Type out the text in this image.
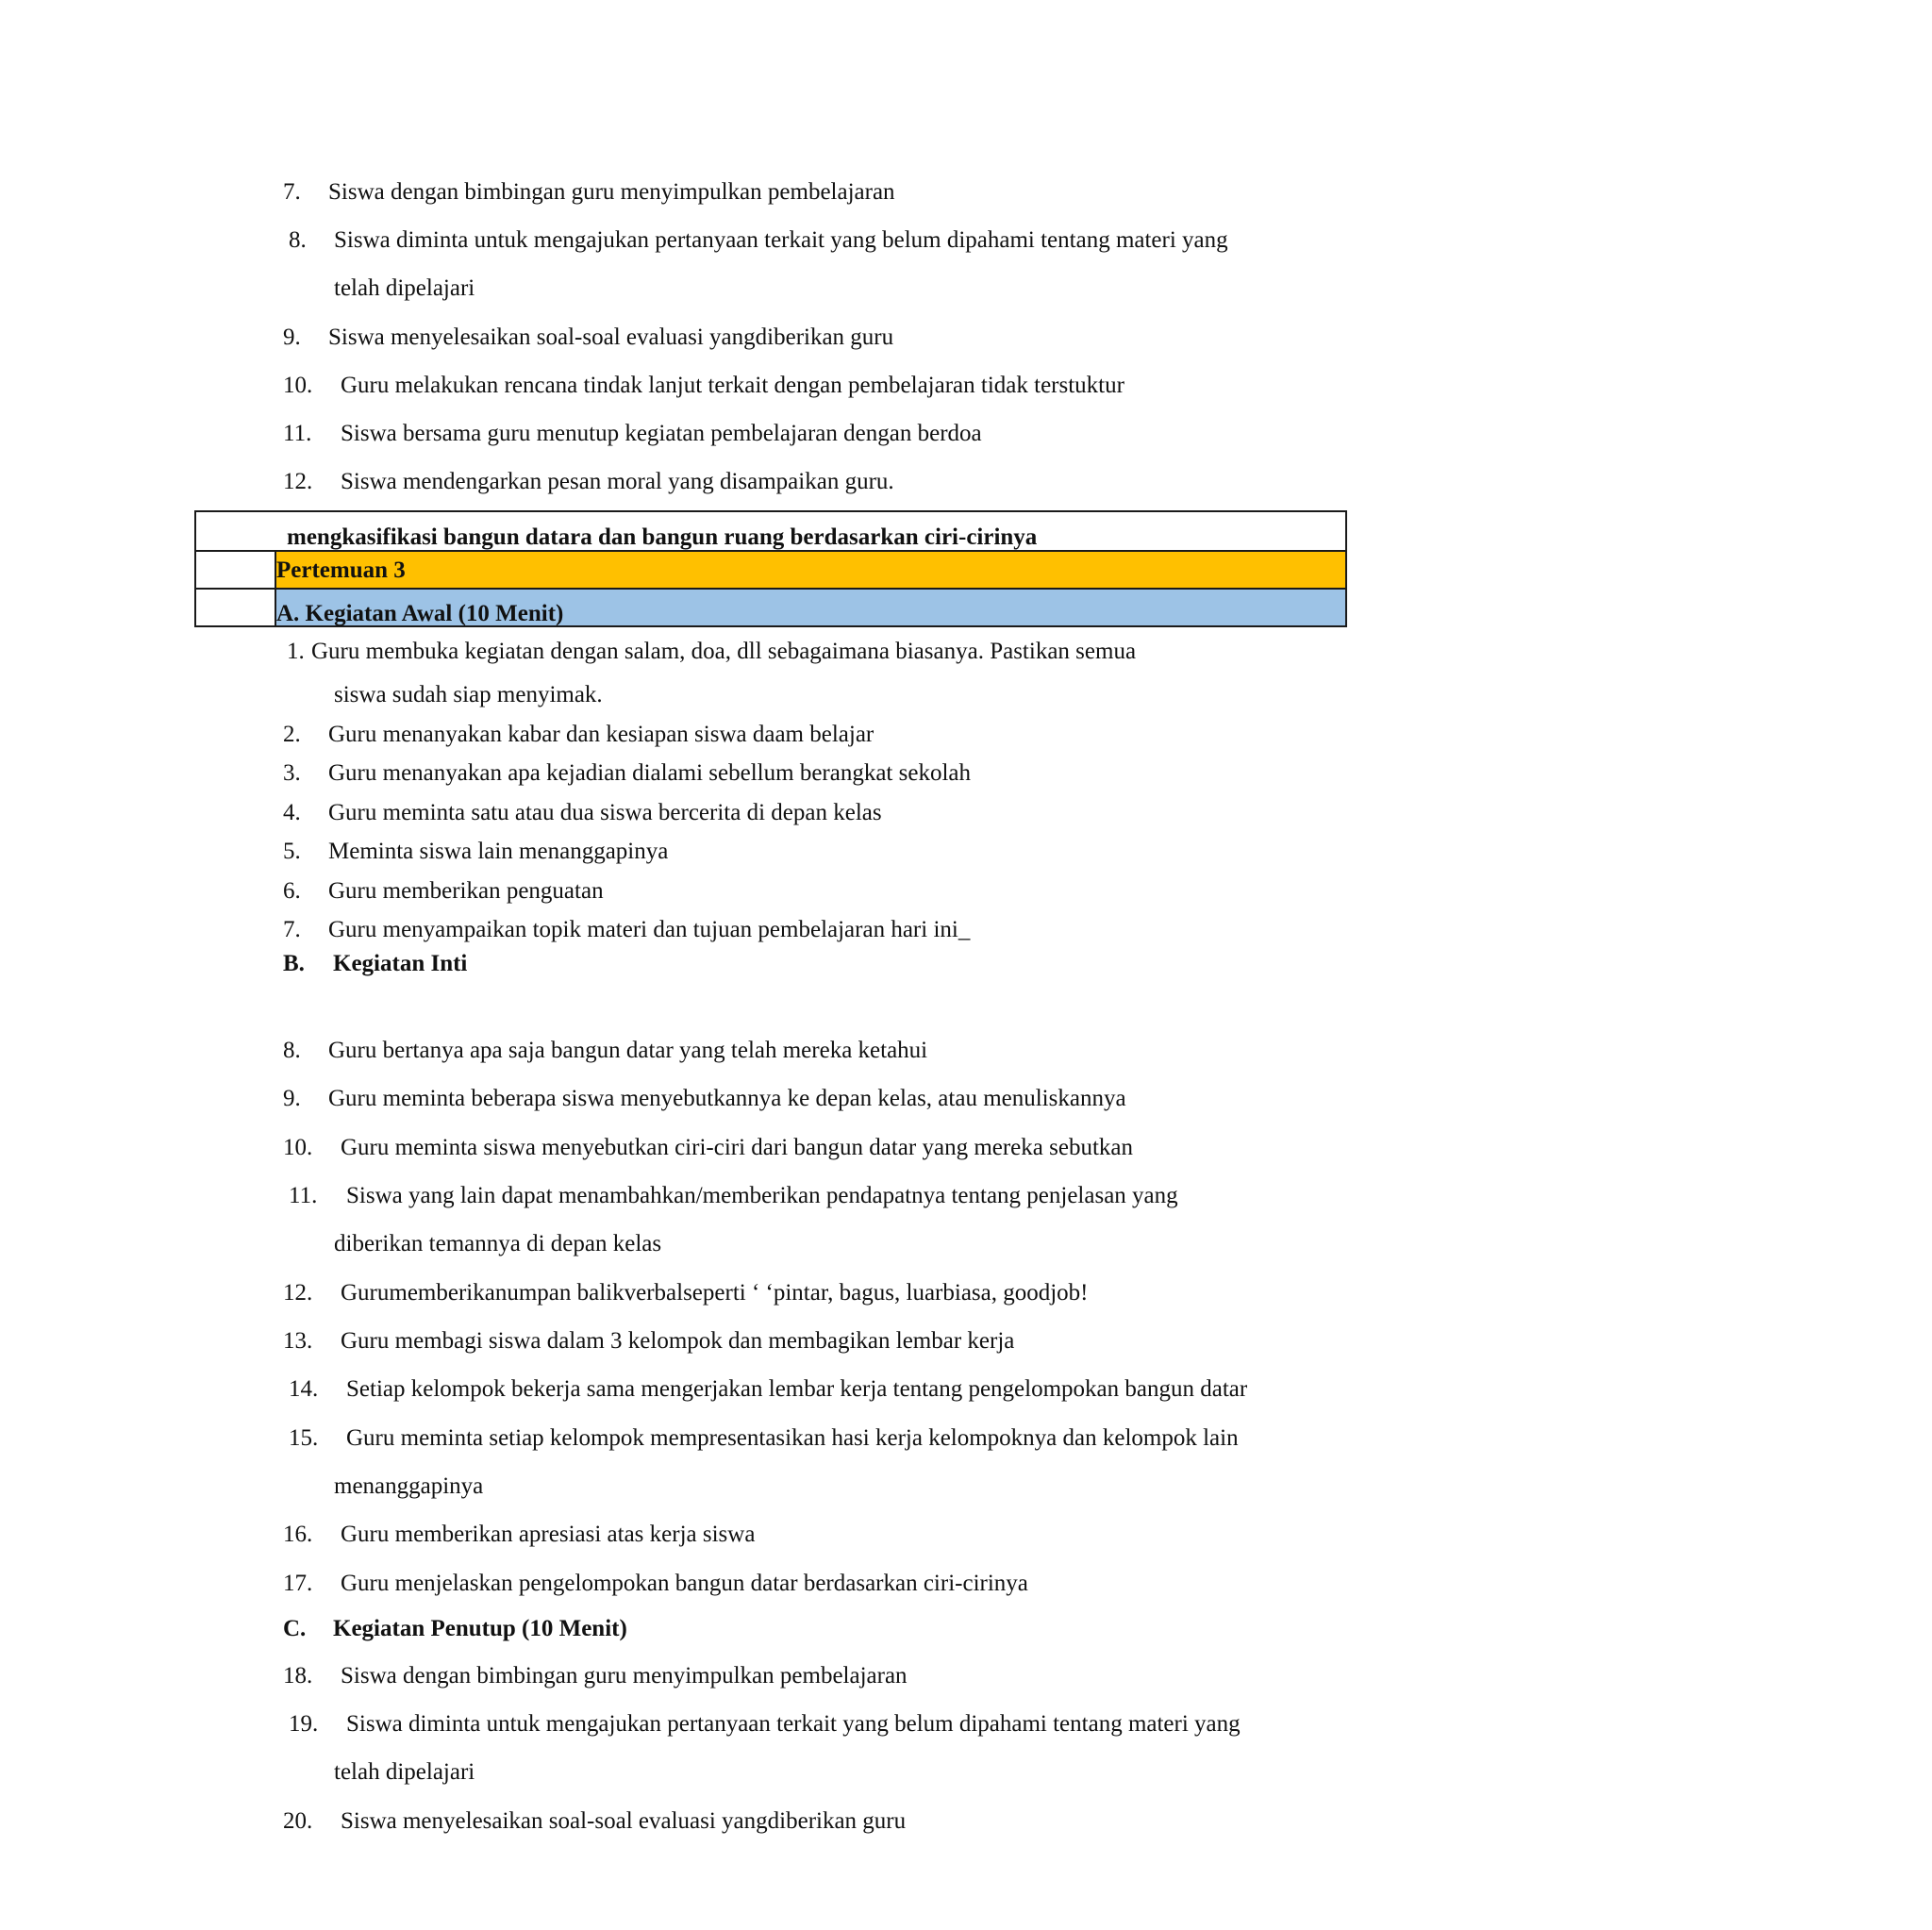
7. Siswa dengan bimbingan guru menyimpulkan pembelajaran
8. Siswa diminta untuk mengajukan pertanyaan terkait yang belum dipahami tentang materi yang
telah dipelajari
9. Siswa menyelesaikan soal-soal evaluasi yangdiberikan guru
10. Guru melakukan rencana tindak lanjut terkait dengan pembelajaran tidak terstuktur
11. Siswa bersama guru menutup kegiatan pembelajaran dengan berdoa
12. Siswa mendengarkan pesan moral yang disampaikan guru.
mengkasifikasi bangun datara dan bangun ruang berdasarkan ciri-cirinya
Pertemuan 3
A. Kegiatan Awal (10 Menit)
1. Guru membuka kegiatan dengan salam, doa, dll sebagaimana biasanya. Pastikan semua
siswa sudah siap menyimak.
2. Guru menanyakan kabar dan kesiapan siswa daam belajar
3. Guru menanyakan apa kejadian dialami sebellum berangkat sekolah
4. Guru meminta satu atau dua siswa bercerita di depan kelas
5. Meminta siswa lain menanggapinya
6. Guru memberikan penguatan
7. Guru menyampaikan topik materi dan tujuan pembelajaran hari ini_
B. Kegiatan Inti
8. Guru bertanya apa saja bangun datar yang telah mereka ketahui
9. Guru meminta beberapa siswa menyebutkannya ke depan kelas, atau menuliskannya
10. Guru meminta siswa menyebutkan ciri-ciri dari bangun datar yang mereka sebutkan
11. Siswa yang lain dapat menambahkan/memberikan pendapatnya tentang penjelasan yang
diberikan temannya di depan kelas
12. Gurumemberikanumpan balikverbalseperti ‘ ‘pintar, bagus, luarbiasa, goodjob!
13. Guru membagi siswa dalam 3 kelompok dan membagikan lembar kerja
14. Setiap kelompok bekerja sama mengerjakan lembar kerja tentang pengelompokan bangun datar
15. Guru meminta setiap kelompok mempresentasikan hasi kerja kelompoknya dan kelompok lain
menanggapinya
16. Guru memberikan apresiasi atas kerja siswa
17. Guru menjelaskan pengelompokan bangun datar berdasarkan ciri-cirinya
C. Kegiatan Penutup (10 Menit)
18. Siswa dengan bimbingan guru menyimpulkan pembelajaran
19. Siswa diminta untuk mengajukan pertanyaan terkait yang belum dipahami tentang materi yang
telah dipelajari
20. Siswa menyelesaikan soal-soal evaluasi yangdiberikan guru
